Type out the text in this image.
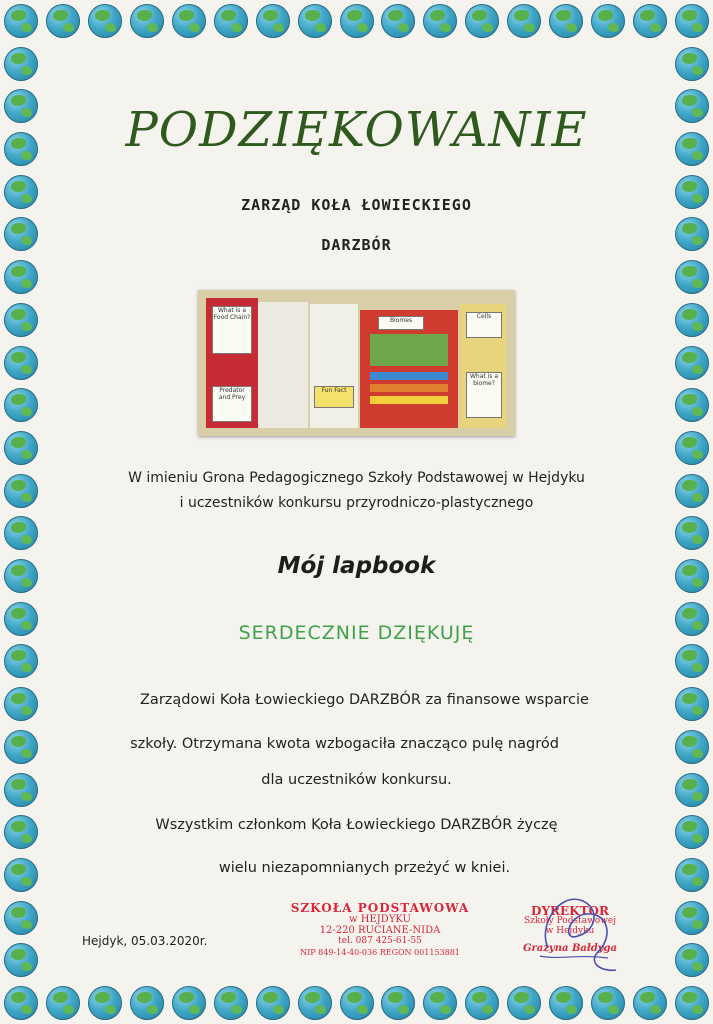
PODZIĘKOWANIE
ZARZĄD KOŁA ŁOWIECKIEGO
DARZBÓR
What is a Food Chain?
Predator and Prey
Biomes
Cells
Fun Fact
What is a biome?
W imieniu Grona Pedagogicznego Szkoły Podstawowej w Hejdyku
i uczestników konkursu przyrodniczo-plastycznego
Mój lapbook
SERDECZNIE DZIĘKUJĘ
Zarządowi Koła Łowieckiego DARZBÓR za finansowe wsparcie
szkoły. Otrzymana kwota wzbogaciła znacząco pulę nagród
dla uczestników konkursu.
Wszystkim członkom Koła Łowieckiego DARZBÓR życzę
wielu niezapomnianych przeżyć w kniei.
Hejdyk, 05.03.2020r.
SZKOŁA PODSTAWOWA
w HEJDYKU
12-220 RUCIANE-NIDA
tel. 087 425-61-55
NIP 849-14-40-036 REGON 001153881
DYREKTOR
Szkoły Podstawowej
w Hejdyku
Grażyna Bałdyga
